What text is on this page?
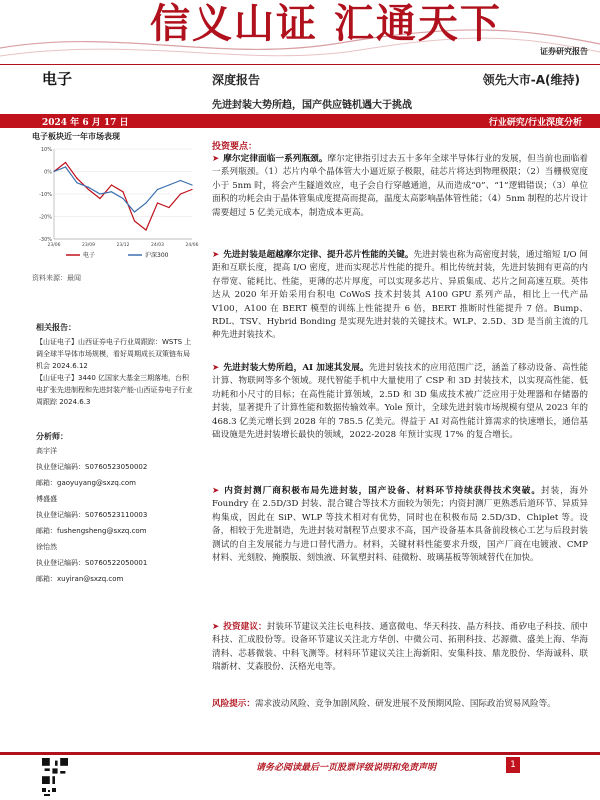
信义山证 汇通天下
证券研究报告
电子	深度报告	领先大市-A(维持)
先进封装大势所趋，国产供应链机遇大于挑战
2024 年 6 月 17 日	行业研究/行业深度分析
电子板块近一年市场表现
-30%
-20%
-10%
0%
10%
23/06	23/09	23/12	24/03	24/06
电子	沪深300
资料来源：最闻
相关报告：
【山证电子】山西证券电子行业周跟踪：WSTS 上调全球半导体市场规模，看好周期成长双策链布局机会 2024.6.12
【山证电子】3440 亿国家大基金三期落地，台积电扩张先进制程和先进封装产能-山西证券电子行业周跟踪 2024.6.3
分析师：
高宇洋
执业登记编码：S0760523050002
邮箱：gaoyuyang@sxzq.com
傅盛盛
执业登记编码：S0760523110003
邮箱：fushengsheng@sxzq.com
徐怡然
执业登记编码：S0760522050001
邮箱：xuyiran@sxzq.com
投资要点：
➤ 摩尔定律面临一系列瓶颈。摩尔定律指引过去五十多年全球半导体行业的发展，但当前也面临着一系列瓶颈。（1）芯片内单个晶体管大小逼近原子极限，硅芯片将达到物理极限；（2）当栅极宽度小于 5nm 时，将会产生隧道效应，电子会自行穿越通道，从而造成“0”、“1”逻辑错误；（3）单位面积的功耗会由于晶体管集成度提高而提高，温度太高影响晶体管性能；（4）5nm 制程的芯片设计需要超过 5 亿美元成本，制造成本更高。
➤ 先进封装是超越摩尔定律、提升芯片性能的关键。先进封装也称为高密度封装，通过缩短 I/O 间距和互联长度，提高 I/O 密度，进而实现芯片性能的提升。相比传统封装，先进封装拥有更高的内存带宽、能耗比、性能，更薄的芯片厚度，可以实现多芯片、异质集成、芯片之间高速互联。英伟达从 2020 年开始采用台积电 CoWoS 技术封装其 A100 GPU 系列产品，相比上一代产品 V100，A100 在 BERT 模型的训练上性能提升 6 倍，BERT 推断时性能提升 7 倍。Bump、RDL、TSV、Hybrid Bonding 是实现先进封装的关键技术。WLP、2.5D、3D 是当前主流的几种先进封装技术。
➤ 先进封装大势所趋，AI 加速其发展。先进封装技术的应用范围广泛，涵盖了移动设备、高性能计算、物联网等多个领域。现代智能手机中大量使用了 CSP 和 3D 封装技术，以实现高性能、低功耗和小尺寸的目标；在高性能计算领域，2.5D 和 3D 集成技术被广泛应用于处理器和存储器的封装，显著提升了计算性能和数据传输效率。Yole 预计，全球先进封装市场规模有望从 2023 年的 468.3 亿美元增长到 2028 年的 785.5 亿美元。得益于 AI 对高性能计算需求的快速增长，通信基础设施是先进封装增长最快的领域，2022-2028 年预计实现 17% 的复合增长。
➤ 内资封测厂商积极布局先进封装，国产设备、材料环节持续获得技术突破。封装，海外 Foundry 在 2.5D/3D 封装、混合键合等技术方面较为领先；内资封测厂更熟悉后道环节、异质异构集成，因此在 SiP、WLP 等技术相对有优势，同时也在积极布局 2.5D/3D、Chiplet 等。设备，相较于先进制造，先进封装对制程节点要求不高，国产设备基本具备前段核心工艺与后段封装测试的自主发展能力与进口替代潜力。材料，关键材料性能要求升级，国产厂商在电镀液、CMP 材料、光刻胶、掩膜版、刻蚀液、环氧塑封料、硅微粉、玻璃基板等领域替代在加快。
➤ 投资建议：封装环节建议关注长电科技、通富微电、华天科技、晶方科技、甬矽电子科技、颀中科技、汇成股份等。设备环节建议关注北方华创、中微公司、拓荆科技、芯源微、盛美上海、华海清科、芯碁微装、中科飞测等。材料环节建议关注上海新阳、安集科技、鼎龙股份、华海诚科、联瑞新材、艾森股份、沃格光电等。
风险提示：需求波动风险、竞争加剧风险、研发进展不及预期风险、国际政治贸易风险等。
请务必阅读最后一页股票评级说明和免责声明	1
